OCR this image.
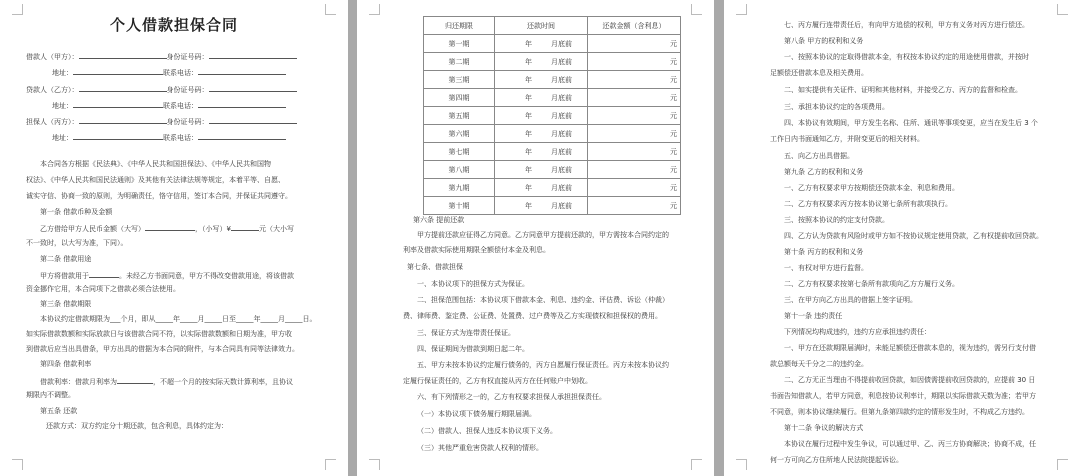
个人借款担保合同
借款人（甲方）：	身份证号码：
地址：	联系电话：
贷款人（乙方）：	身份证号码：
地址：	联系电话：
担保人（丙方）：	身份证号码：
地址：	联系电话：
本合同各方根据《民法典》、《中华人民共和国担保法》、《中华人民共和国物
权法》、《中华人民共和国民法通则》及其他有关法律法规等规定，本着平等、自愿、
诚实守信、协商一致的原则，为明确责任，恪守信用，签订本合同，并保证共同遵守。
第一条 借款币种及金额
乙方借给甲方人民币金额（大写）	，（小写）¥	元（大小写
不一致时，以大写为准，下同）。
第二条 借款用途
甲方将借款用于	。未经乙方书面同意，甲方不得改变借款用途，将该借款
资金挪作它用，本合同项下之借款必须合法使用。
第三条 借款期限
本协议约定借款期限为___个月，即从_____年_____月_____日至_____年_____月_____日。
如实际借款数额和实际放款日与该借款合同不符，以实际借款数额和日期为准，甲方收
到借款后应当出具借条，甲方出具的借据为本合同的附件，与本合同具有同等法律效力。
第四条 借款利率
借款利率：借款月利率为	，不超一个月的按实际天数计算利率，且协议
期限内不调整。
第五条 还款
还款方式：双方约定分十期还款，包含利息，具体约定为：
归还期限	还款时间	还款金额（含利息）
第一期	年 月底前	元
第二期	年 月底前	元
第三期	年 月底前	元
第四期	年 月底前	元
第五期	年 月底前	元
第六期	年 月底前	元
第七期	年 月底前	元
第八期	年 月底前	元
第九期	年 月底前	元
第十期	年 月底前	元
第六条 提前还款
甲方提前还款应征得乙方同意。乙方同意甲方提前还款的，甲方需按本合同约定的
利率及借款实际使用期限全额偿付本金及利息。
第七条、借款担保
一、本协议项下的担保方式为保证。
二、担保范围包括：本协议项下借款本金、利息、违约金、评估费、诉讼（仲裁）
费、律师费、鉴定费、公证费、处置费、过户费等及乙方实现债权和担保权的费用。
三、保证方式为连带责任保证。
四、保证期间为借款到期日起二年。
五、甲方未按本协议约定履行债务的，丙方自愿履行保证责任。丙方未按本协议约
定履行保证责任的，乙方有权直接从丙方在任何账户中划收。
六、有下列情形之一的，乙方有权要求担保人承担担保责任。
（一）本协议项下债务履行期限届满。
（二）借款人、担保人违反本协议项下义务。
（三）其他严重危害贷款人权利的情形。
七、丙方履行连带责任后，有向甲方追偿的权利，甲方有义务对丙方进行偿还。
第八条 甲方的权利和义务
一、按照本协议的定取得借款本金，有权按本协议约定的用途使用借款，并按时
足额偿还借款本息及相关费用。
二、如实提供有关证件、证明和其他材料，并接受乙方、丙方的监督和检查。
三、承担本协议约定的各项费用。
四、本协议有效期间，甲方发生名称、住所、通讯等事项变更，应当在发生后 3 个
工作日内书面通知乙方，并附变更后的相关材料。
五、向乙方出具借据。
第九条 乙方的权利和义务
一、乙方有权要求甲方按期偿还贷款本金、利息和费用。
二、乙方有权要求丙方按本协议第七条所有款项执行。
三、按照本协议的约定支付贷款。
四、乙方认为贷款有风险时或甲方如不按协议规定使用贷款，乙有权提前收回贷款。
第十条 丙方的权利和义务
一、有权对甲方进行监督。
二、乙方有权要求按第七条所有款项向乙方方履行义务。
三、在甲方向乙方出具的借据上签字证明。
第十一条 违约责任
下列情况均构成违约，违约方应承担违约责任：
一、甲方在还款期限届满时，未能足额偿还借款本息的，视为违约，需另行支付借
款总额每天千分之二的违约金。
二、乙方无正当理由不得提前收回贷款，如因债需提前收回贷款的，应提前 30 日
书面告知借款人，若甲方同意，利息按协议利率计，期限以实际借款天数为准；若甲方
不同意，则本协议继续履行。但第九条第四款约定的情形发生时，不构成乙方违约。
第十二条 争议的解决方式
本协议在履行过程中发生争议，可以通过甲、乙、丙三方协商解决；协商不成，任
何一方可向乙方住所地人民法院提起诉讼。
